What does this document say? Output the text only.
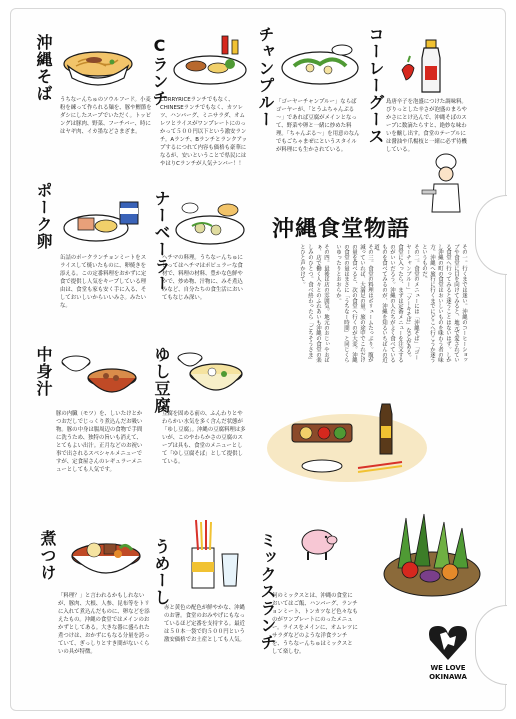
沖縄そば	うちなーんちゅのソウルフード。小麦粉を練って作られる麺を、豚や鰹節をダシにしたスープでいただく。トッピングは豚肉、野菜、フーチバー、時にはヤギ肉、イカ墨などさまざま。
Cランチ
CURRYRICEランチでもなく、CHINESEランチでもなく、カツレツ、ハンバーグ、ミニサラダ、オムレツとライスがワンプレートにのっかって５００円以下という激安ランチ。Aランチ、Bランチとランクアップするにつれて内容も価格も豪華になるが、安いということで県民にはやはりCランチが人気ナンバー！！
チャンプルー 「ゴーヤーチャンプルー」ならばゴーヤーが、「とうふちゃんぷる～」であれば豆腐がメインとなって、野菜や卵と一緒に炒めた料理。「ちゃんぷる～」を用意のなんでもごちゃまぜにというスタイルが料理にも生かされている。
コーレーグース 島唐辛子を泡盛につけた調味料。ぴりっとした辛さが泡盛のまろやかさにとけ込んで、沖縄そばのスープに数滴たらすと、絶妙な味わいを醸し出す。食堂のテーブルには醤油や爪楊枝と一緒に必ず待機している。
ポーク卵
缶詰のポークランチョンミートをスライスして焼いたものに、卵焼きを添える。この定番料理をおかずに定食で提供し人気をキープしている理由は、食堂も家も安く手に入る、そしておいしいからいいみさ。みたいな。
ナーベーラー
ヘチマの料理。うちなーんちゅにとってはヘチマはポピュラーな食材で、料理の材料、豊かな色鮮やかで、炒め物、汁物に、みそ煮込みなど、自分たちの食生活においてもなじみ深い。
沖縄食堂物語
その四。最後は店の雰囲気。地元のおじぃやおばぁ、店で働く人々とのふれあいも沖縄の食堂の楽しみのひとつ。食べ終わったら「ごちそうさま」とひと声かけて。	その三。食堂の料理はボリュームたっぷり。腹が減っていれば、大満足の量。旅の途中でこれだけの量を食べると、次の食堂へ行くのが大変。沖縄の食堂の量はまさに「うちなー時間」と同じくらいゆったりとおおらか。	その二。食堂のメニューには「沖縄そば」「ゴーヤーチャンプルー」「ソーキそば」などがある。食堂に入ったら、まずは定番メニューを注文するのがいいだろう。沖縄の人たちがよく食べているものを食べてみるのが、沖縄を知るいちばんの近道。	その一。行くまでは迷い。沖縄のコーヒーショップや食堂に目を向けてみると、地元で愛されている食堂へ行ってみると迷うことはないはず。しかし沖縄の町の食堂はおいしいものを味わう者の味方。沖縄へ旅行に行くまでにどこへ行こうか迷うというものだ。
中身汁
豚の内臓（モツ）を、しいたけとかつおだしでじっくり煮込んだお吸い物。豚の中身は腸周辺の食物で手間に洗うため、独特の旨いも消えて、とてもよい出汁。正月などのお祝い事で出されるスペシャルメニューですが、定食屋さんのレギュラーメニューとしても人気です。
ゆし豆腐
豆腐を固める前の、ふんわりとやわらかい水気を多く含んだ状態が「ゆし豆腐」。沖縄の豆腐料理は多いが、このやわらかさの豆腐のスープは具も、食堂のメニューとして「ゆし豆腐そば」として提供している。
煮つけ
「料理？」と言われるかもしれないが、豚肉、大根、人参、昆布等をトリに入れて煮込んだものに、卵などを添えたもの。沖縄の食堂ではメインのおかずとしてある。大きな器に盛られた煮つけは、おかずにもなる分量を誇っていて、ぎっしりとすき間がないくらいの具が特徴。
うめーし
赤と黄色の配色が鮮やかな、沖縄のお箸。食堂のおみやげにもなっているほど定番を支持する。最近は５０本一袋で約５００円という激安価格でお土産としても人気。 ミックスランチ
何のミックスとは、沖縄の食堂においてはご飯、ハンバーグ、ランチョンミート、トンカツなど色々なものがワンプレートにのったメニュー。ライスをメインに、オムレツにサラダなどのような洋食ランチを、うちなーんちゅはミックスとして楽しむ。
WE LOVE
OKINAWA
